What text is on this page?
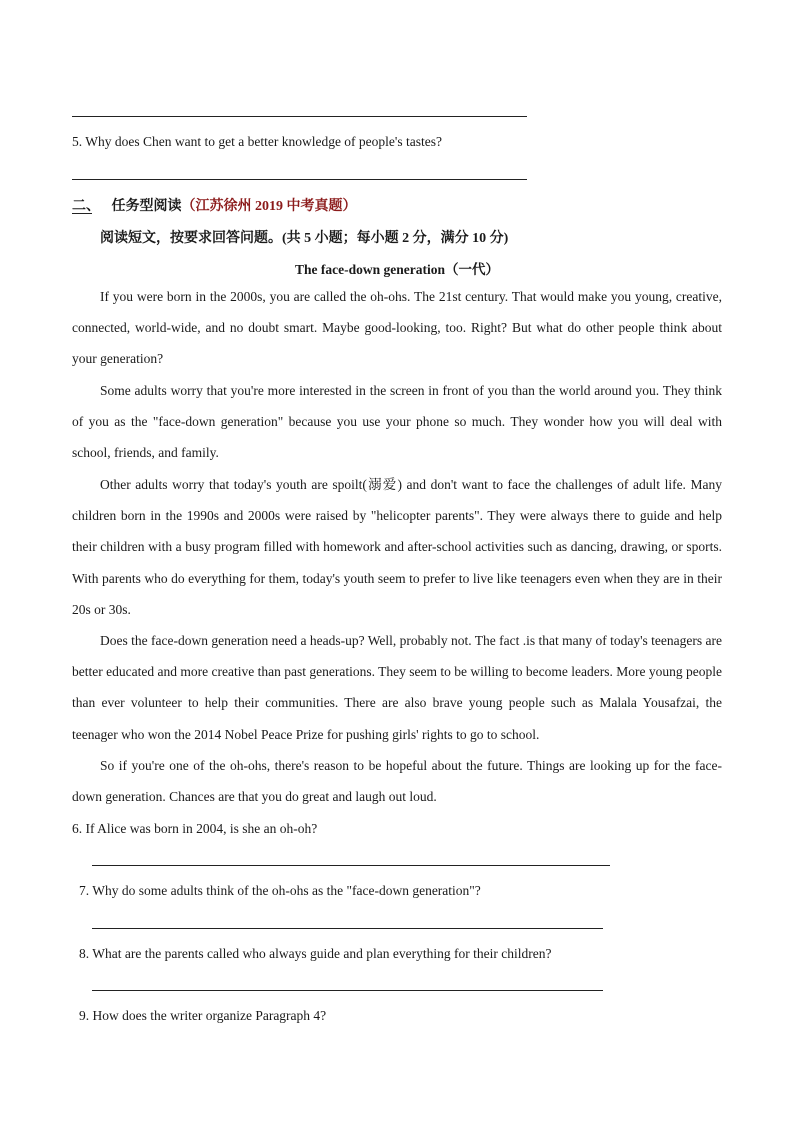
5. Why does Chen want to get a better knowledge of people's tastes?
二、 任务型阅读（江苏徐州 2019 中考真题）
阅读短文，按要求回答问题。(共 5 小题；每小题 2 分，满分 10 分)
The face-down generation（一代）

If you were born in the 2000s, you are called the oh-ohs. The 21st century. That would make you young, creative, connected, world-wide, and no doubt smart. Maybe good-looking, too. Right? But what do other people think about your generation?

Some adults worry that you're more interested in the screen in front of you than the world around you. They think of you as the "face-down generation" because you use your phone so much. They wonder how you will deal with school, friends, and family.

Other adults worry that today's youth are spoilt(溺爱) and don't want to face the challenges of adult life. Many children born in the 1990s and 2000s were raised by "helicopter parents". They were always there to guide and help their children with a busy program filled with homework and after-school activities such as dancing, drawing, or sports. With parents who do everything for them, today's youth seem to prefer to live like teenagers even when they are in their 20s or 30s.

Does the face-down generation need a heads-up? Well, probably not. The fact .is that many of today's teenagers are better educated and more creative than past generations. They seem to be willing to become leaders. More young people than ever volunteer to help their communities. There are also brave young people such as Malala Yousafzai, the teenager who won the 2014 Nobel Peace Prize for pushing girls' rights to go to school.

So if you're one of the oh-ohs, there's reason to be hopeful about the future. Things are looking up for the face-down generation. Chances are that you do great and laugh out loud.

6. If Alice was born in 2004, is she an oh-oh?
7. Why do some adults think of the oh-ohs as the "face-down generation"?
8. What are the parents called who always guide and plan everything for their children?
9. How does the writer organize Paragraph 4?
